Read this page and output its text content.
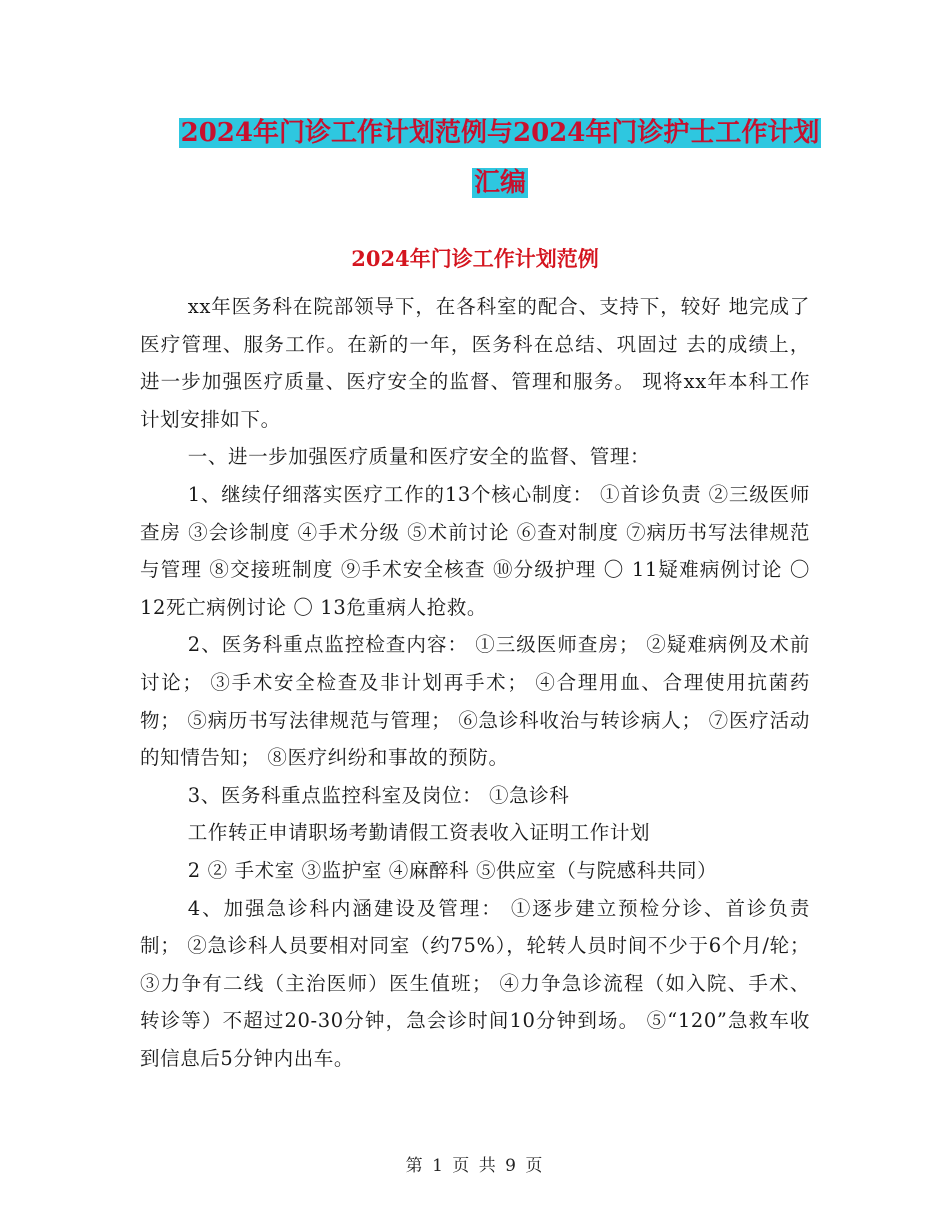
2024年门诊工作计划范例与2024年门诊护士工作计划
汇编
2024年门诊工作计划范例

xx年医务科在院部领导下，在各科室的配合、支持下，较好 地完成了医疗管理、服务工作。在新的一年，医务科在总结、巩固过 去的成绩上，进一步加强医疗质量、医疗安全的监督、管理和服务。 现将xx年本科工作计划安排如下。

一、进一步加强医疗质量和医疗安全的监督、管理：

1、继续仔细落实医疗工作的13个核心制度： ①首诊负责 ②三级医师查房 ③会诊制度 ④手术分级 ⑤术前讨论 ⑥查对制度 ⑦病历书写法律规范与管理 ⑧交接班制度 ⑨手术安全核查 ⑩分级护理 〇 11疑难病例讨论 〇 12死亡病例讨论 〇 13危重病人抢救。

2、医务科重点监控检查内容： ①三级医师查房； ②疑难病例及术前讨论； ③手术安全检查及非计划再手术； ④合理用血、合理使用抗菌药物； ⑤病历书写法律规范与管理； ⑥急诊科收治与转诊病人； ⑦医疗活动的知情告知； ⑧医疗纠纷和事故的预防。

3、医务科重点监控科室及岗位： ①急诊科

工作转正申请职场考勤请假工资表收入证明工作计划

2 ② 手术室 ③监护室 ④麻醉科 ⑤供应室（与院感科共同）

4、加强急诊科内涵建设及管理： ①逐步建立预检分诊、首诊负责制； ②急诊科人员要相对同室（约75%），轮转人员时间不少于6个月/轮； ③力争有二线（主治医师）医生值班； ④力争急诊流程（如入院、手术、转诊等）不超过20-30分钟，急会诊时间10分钟到场。 ⑤“120”急救车收到信息后5分钟内出车。

第 1 页 共 9 页
